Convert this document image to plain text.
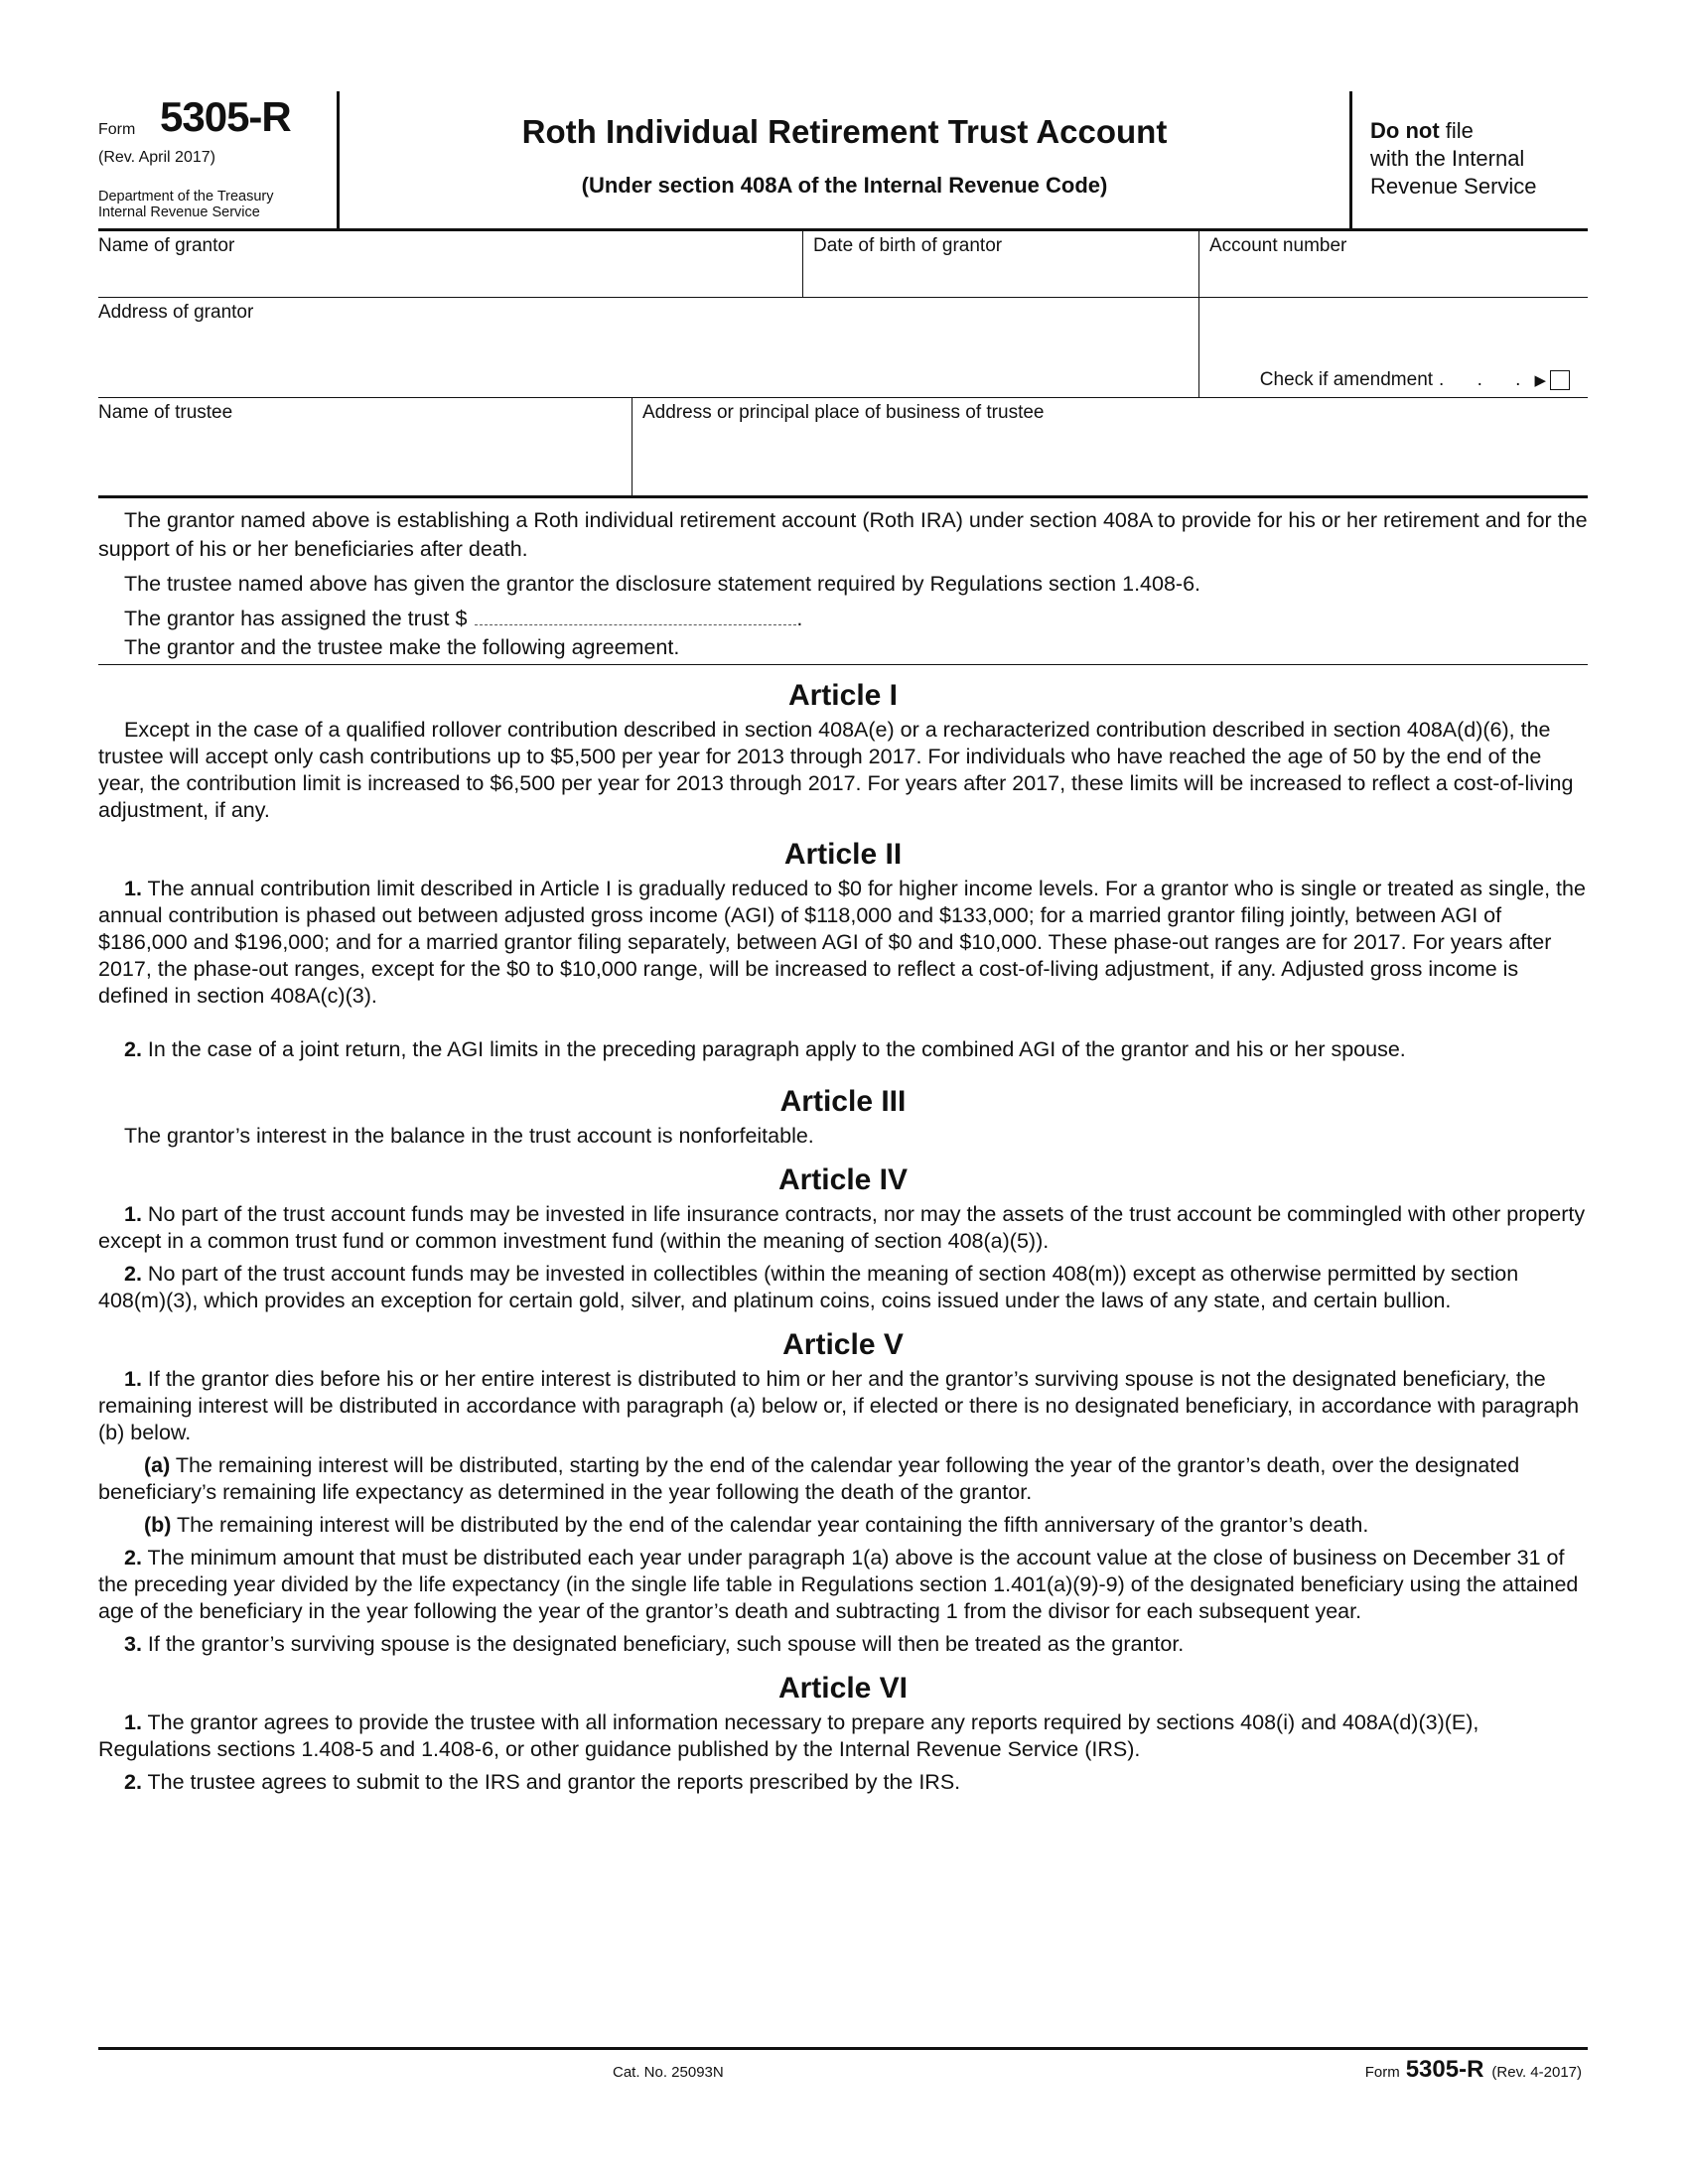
Form 5305-R
(Rev. April 2017)
Department of the Treasury
Internal Revenue Service
Roth Individual Retirement Trust Account
(Under section 408A of the Internal Revenue Code)
Do not file
with the Internal
Revenue Service
Name of grantor	Date of birth of grantor	Account number
Address of grantor
Check if amendment . . . ▶
Name of trustee	Address or principal place of business of trustee

The grantor named above is establishing a Roth individual retirement account (Roth IRA) under section 408A to provide for his or her retirement and for the support of his or her beneficiaries after death.

The trustee named above has given the grantor the disclosure statement required by Regulations section 1.408-6.

The grantor has assigned the trust $	.

The grantor and the trustee make the following agreement.

Article I

Except in the case of a qualified rollover contribution described in section 408A(e) or a recharacterized contribution described in section 408A(d)(6), the trustee will accept only cash contributions up to $5,500 per year for 2013 through 2017. For individuals who have reached the age of 50 by the end of the year, the contribution limit is increased to $6,500 per year for 2013 through 2017. For years after 2017, these limits will be increased to reflect a cost-of-living adjustment, if any.

Article II

1. The annual contribution limit described in Article I is gradually reduced to $0 for higher income levels. For a grantor who is single or treated as single, the annual contribution is phased out between adjusted gross income (AGI) of $118,000 and $133,000; for a married grantor filing jointly, between AGI of $186,000 and $196,000; and for a married grantor filing separately, between AGI of $0 and $10,000. These phase-out ranges are for 2017. For years after 2017, the phase-out ranges, except for the $0 to $10,000 range, will be increased to reflect a cost-of-living adjustment, if any. Adjusted gross income is defined in section 408A(c)(3).

2. In the case of a joint return, the AGI limits in the preceding paragraph apply to the combined AGI of the grantor and his or her spouse.

Article III

The grantor’s interest in the balance in the trust account is nonforfeitable.

Article IV

1. No part of the trust account funds may be invested in life insurance contracts, nor may the assets of the trust account be commingled with other property except in a common trust fund or common investment fund (within the meaning of section 408(a)(5)).

2. No part of the trust account funds may be invested in collectibles (within the meaning of section 408(m)) except as otherwise permitted by section 408(m)(3), which provides an exception for certain gold, silver, and platinum coins, coins issued under the laws of any state, and certain bullion.

Article V

1. If the grantor dies before his or her entire interest is distributed to him or her and the grantor’s surviving spouse is not the designated beneficiary, the remaining interest will be distributed in accordance with paragraph (a) below or, if elected or there is no designated beneficiary, in accordance with paragraph (b) below.

(a) The remaining interest will be distributed, starting by the end of the calendar year following the year of the grantor’s death, over the designated beneficiary’s remaining life expectancy as determined in the year following the death of the grantor.

(b) The remaining interest will be distributed by the end of the calendar year containing the fifth anniversary of the grantor’s death.

2. The minimum amount that must be distributed each year under paragraph 1(a) above is the account value at the close of business on December 31 of the preceding year divided by the life expectancy (in the single life table in Regulations section 1.401(a)(9)-9) of the designated beneficiary using the attained age of the beneficiary in the year following the year of the grantor’s death and subtracting 1 from the divisor for each subsequent year.

3. If the grantor’s surviving spouse is the designated beneficiary, such spouse will then be treated as the grantor.

Article VI

1. The grantor agrees to provide the trustee with all information necessary to prepare any reports required by sections 408(i) and 408A(d)(3)(E), Regulations sections 1.408-5 and 1.408-6, or other guidance published by the Internal Revenue Service (IRS).

2. The trustee agrees to submit to the IRS and grantor the reports prescribed by the IRS.

Cat. No. 25093N	Form 5305-R (Rev. 4-2017)
